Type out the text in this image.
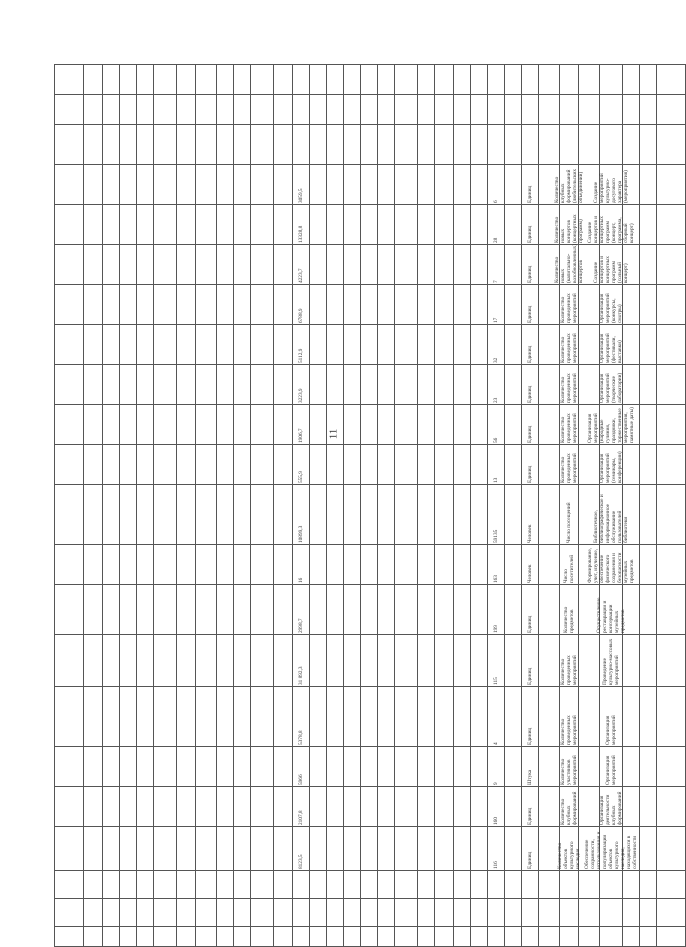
11

												3059,5											6		Единиц		Количество клубных формирований (любительских объединений)		Создание мероприятий культурно-досугового характера (мероприятия)			

												13328,8											28		Единиц		Количество новых концертов (концертных программ)		Создание концертов и концертных программ (концерт, программа, сборный концерт)			

												4223,7											7		Единиц		Количество новых (капитально-возобновленных) концертов		Создание концертов и концертных программ (сольный концерт)			

												6788,9											17		Единиц		Количество проведенных мероприятий		Организация мероприятий (конкурсы, смотры)			

												5112,9											32		Единиц		Количество проведенных мероприятий		Организация мероприятий (фестивали, выставки)			

												3223,9											23		Единиц		Количество проведенных мероприятий		Организация мероприятий (творческие лаборатории)			

												1906,7											56		Единиц		Количество проведенных мероприятий		Организация мероприятий (народные гуляния, праздники, торжественные мероприятия, памятные даты)			

												555,9											13		Единиц		Количество проведенных мероприятий		Организация мероприятий (семинары, конференции)			

												10899,3											59135		Человек		Число посещений		Библиотечное, библиографическое и информационное обслуживание пользователей библиотеки			

												16											163		Человек		Число посетителей		Формирование, учет, изучение, обеспечение физического сохранения и безопасности музейных предметов			

												2998,7											199		Единиц		Количество предметов		Осуществление реставрации и консервации музейных предметов			

												31 892,3											115		Единиц		Количество проведенных мероприятий		Проведение культурно-массовых мероприятий			

												5378,8											4		Единиц		Количество проведенных мероприятий		Организация мероприятий			

												5966											9		Штука		Количество участников мероприятий		Организация мероприятий			

												2107,8											160		Единиц		Количество клубных формирований		Организация деятельности клубных формирований			

												8123,5											116		Единиц		Количество объектов культурного наследия		Обеспечение сохранности, использования и популяризации объектов культурного наследия, находящихся в собственности			
